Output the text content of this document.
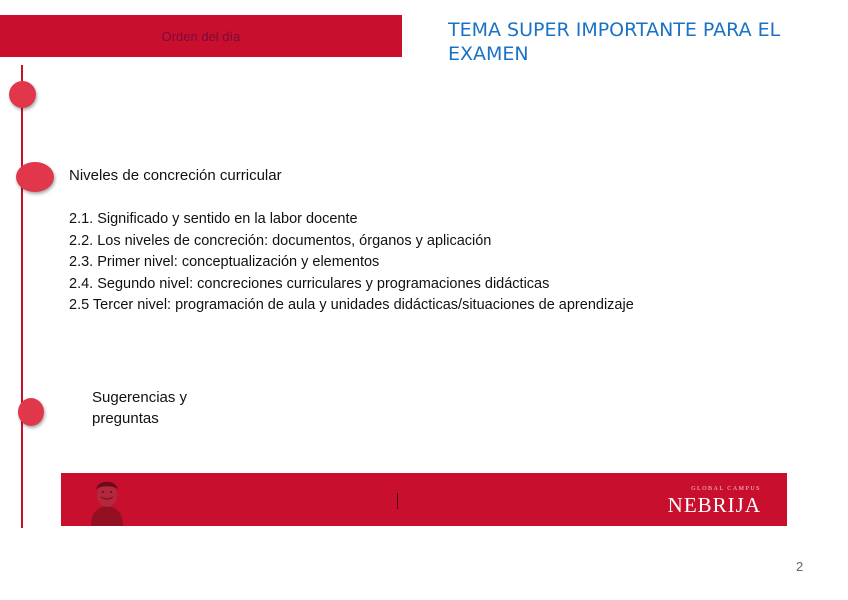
Orden del día	TEMA SUPER IMPORTANTE PARA EL EXAMEN
Niveles de concreción curricular
2.1. Significado y sentido en la labor docente
2.2. Los niveles de concreción: documentos, órganos y aplicación
2.3. Primer nivel: conceptualización y elementos
2.4. Segundo nivel: concreciones curriculares y programaciones didácticas
2.5 Tercer nivel: programación de aula y unidades didácticas/situaciones de aprendizaje
Sugerencias y preguntas
GLOBAL CAMPUS
NEBRIJA
2
